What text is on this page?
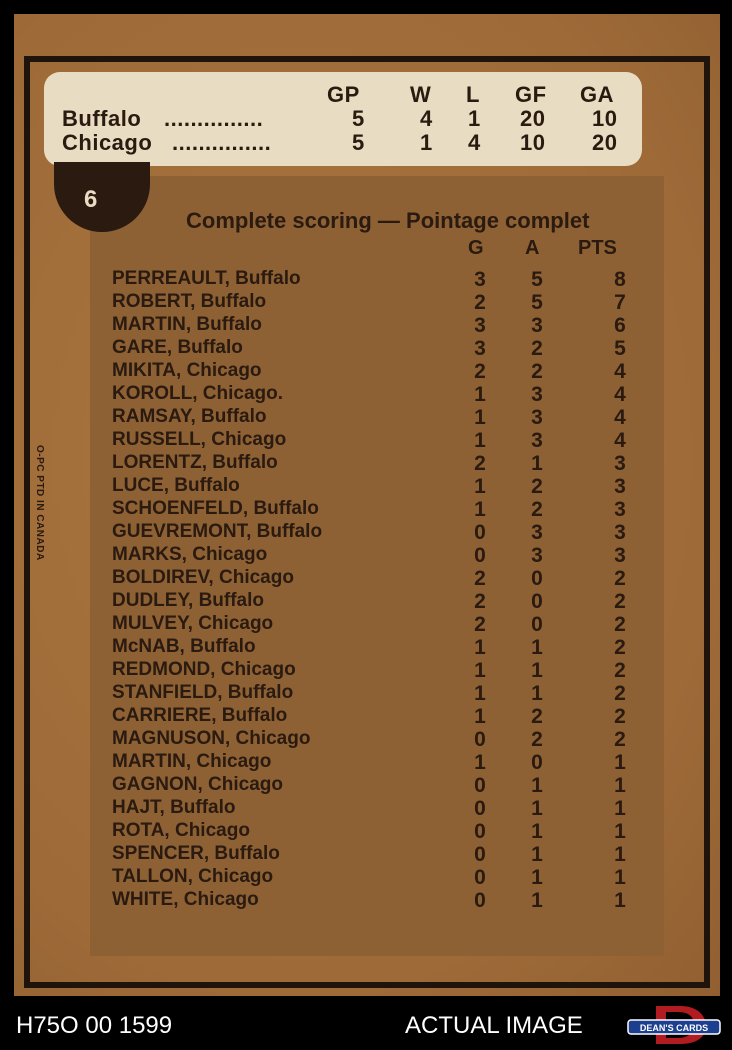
GP W L GF GA
Buffalo ...............	5	4 1 20 10
Chicago ...............	5	1 4 10 20
6
Complete scoring — Pointage complet
G A PTS
PERREAULT, Buffalo	3 5	8
ROBERT, Buffalo	2 5	7
MARTIN, Buffalo	3 3	6
GARE, Buffalo	3 2	5
MIKITA, Chicago	2 2	4
KOROLL, Chicago.	1 3	4
RAMSAY, Buffalo	1 3	4
RUSSELL, Chicago	1 3	4
LORENTZ, Buffalo	2 1	3
LUCE, Buffalo	1 2	3
SCHOENFELD, Buffalo	1 2	3
GUEVREMONT, Buffalo	0 3	3
MARKS, Chicago	0 3	3
BOLDIREV, Chicago	2 0	2
DUDLEY, Buffalo	2 0	2
MULVEY, Chicago	2 0	2
McNAB, Buffalo	1 1	2
REDMOND, Chicago	1 1	2
STANFIELD, Buffalo	1 1	2
CARRIERE, Buffalo	1 2	2
MAGNUSON, Chicago	0 2	2
MARTIN, Chicago	1 0	1
GAGNON, Chicago	0 1	1
HAJT, Buffalo	0 1	1
ROTA, Chicago	0 1	1
SPENCER, Buffalo	0 1	1
TALLON, Chicago	0 1	1
WHITE, Chicago	0 1	1
O-PC PTD IN CANADA
H75O 00 1599	ACTUAL IMAGE	DEAN'S CARDS
